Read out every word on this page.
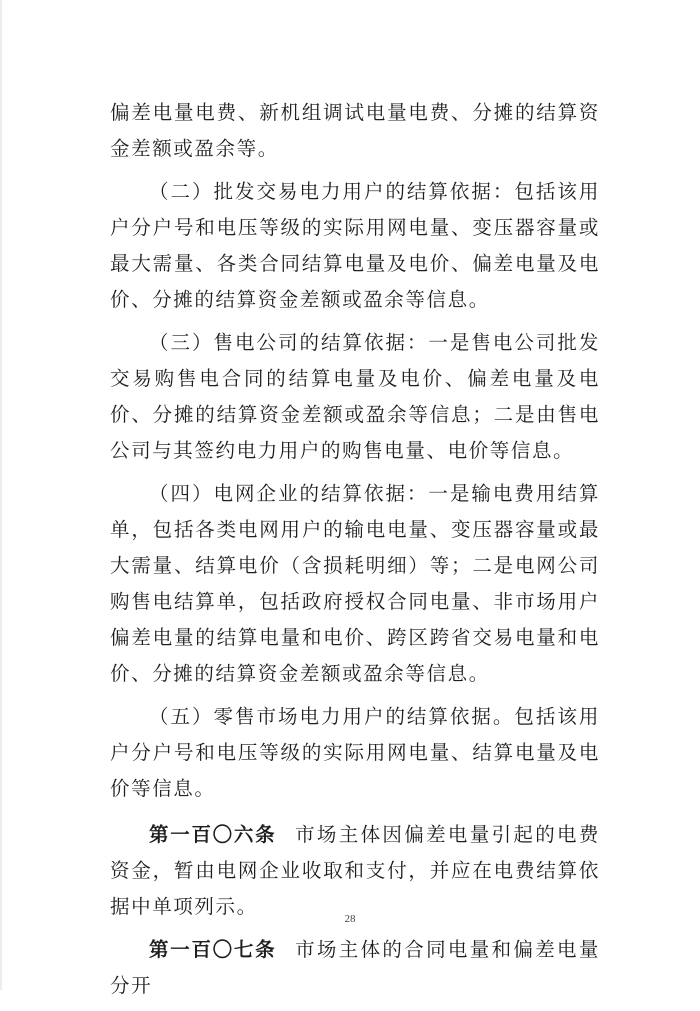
偏差电量电费、新机组调试电量电费、分摊的结算资金差额或盈余等。

（二）批发交易电力用户的结算依据：包括该用户分户号和电压等级的实际用网电量、变压器容量或最大需量、各类合同结算电量及电价、偏差电量及电价、分摊的结算资金差额或盈余等信息。

（三）售电公司的结算依据：一是售电公司批发交易购售电合同的结算电量及电价、偏差电量及电价、分摊的结算资金差额或盈余等信息；二是由售电公司与其签约电力用户的购售电量、电价等信息。

（四）电网企业的结算依据：一是输电费用结算单，包括各类电网用户的输电电量、变压器容量或最大需量、结算电价（含损耗明细）等；二是电网公司购售电结算单，包括政府授权合同电量、非市场用户偏差电量的结算电量和电价、跨区跨省交易电量和电价、分摊的结算资金差额或盈余等信息。

（五）零售市场电力用户的结算依据。包括该用户分户号和电压等级的实际用网电量、结算电量及电价等信息。

第一百〇六条 市场主体因偏差电量引起的电费资金，暂由电网企业收取和支付，并应在电费结算依据中单项列示。

第一百〇七条 市场主体的合同电量和偏差电量分开

28
